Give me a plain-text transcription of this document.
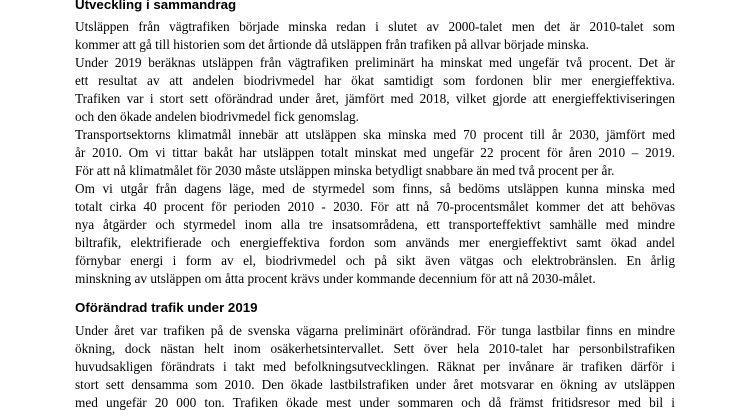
Utveckling i sammandrag
Utsläppen från vägtrafiken började minska redan i slutet av 2000-talet men det är 2010-talet som
kommer att gå till historien som det årtionde då utsläppen från trafiken på allvar började minska.
Under 2019 beräknas utsläppen från vägtrafiken preliminärt ha minskat med ungefär två procent. Det är
ett resultat av att andelen biodrivmedel har ökat samtidigt som fordonen blir mer energieffektiva.
Trafiken var i stort sett oförändrad under året, jämfört med 2018, vilket gjorde att energieffektiviseringen
och den ökade andelen biodrivmedel fick genomslag.
Transportsektorns klimatmål innebär att utsläppen ska minska med 70 procent till år 2030, jämfört med
år 2010. Om vi tittar bakåt har utsläppen totalt minskat med ungefär 22 procent för åren 2010 – 2019.
För att nå klimatmålet för 2030 måste utsläppen minska betydligt snabbare än med två procent per år.
Om vi utgår från dagens läge, med de styrmedel som finns, så bedöms utsläppen kunna minska med
totalt cirka 40 procent för perioden 2010 - 2030. För att nå 70-procentsmålet kommer det att behövas
nya åtgärder och styrmedel inom alla tre insatsområdena, ett transporteffektivt samhälle med mindre
biltrafik, elektrifierade och energieffektiva fordon som används mer energieffektivt samt ökad andel
förnybar energi i form av el, biodrivmedel och på sikt även vätgas och elektrobränslen. En årlig
minskning av utsläppen om åtta procent krävs under kommande decennium för att nå 2030-målet.
Oförändrad trafik under 2019
Under året var trafiken på de svenska vägarna preliminärt oförändrad. För tunga lastbilar finns en mindre
ökning, dock nästan helt inom osäkerhetsintervallet. Sett över hela 2010-talet har personbilstrafiken
huvudsakligen förändrats i takt med befolkningsutvecklingen. Räknat per invånare är trafiken därför i
stort sett densamma som 2010. Den ökade lastbilstrafiken under året motsvarar en ökning av utsläppen
med ungefär 20 000 ton. Trafiken ökade mest under sommaren och då främst fritidsresor med bil i
